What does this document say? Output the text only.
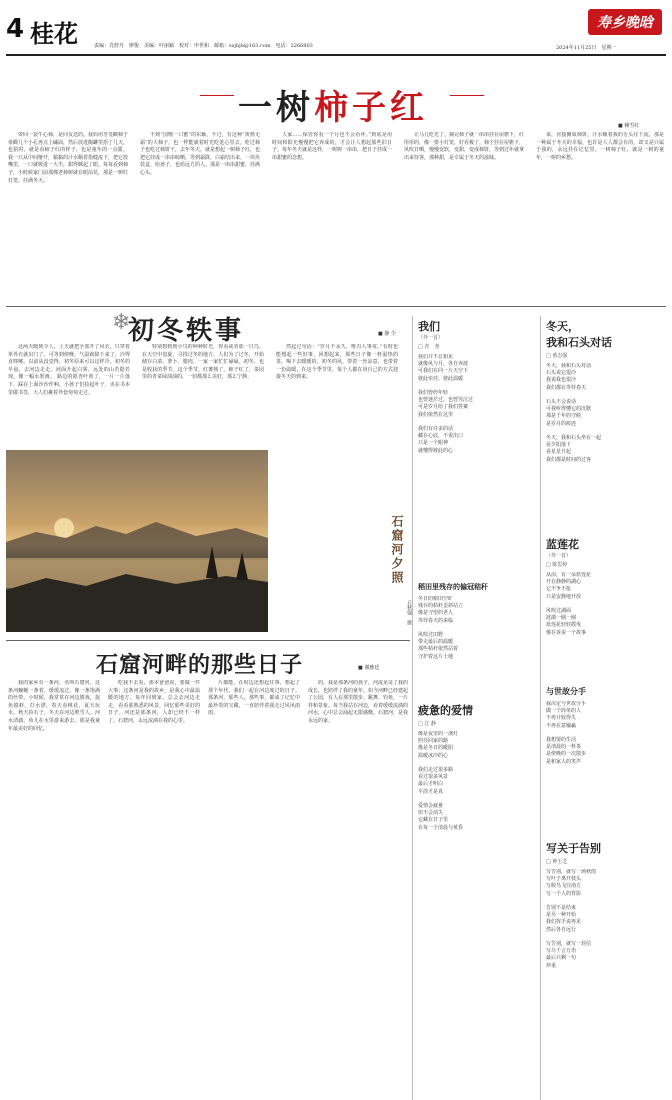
4 桂花	责编：肖舒丹　廖俊　美编：叶丽颖　校对：申世和　邮箱：sxjbjb@163.com　电话：2266803
寿乡晚晗
2024年11月25日　星期一
一树柿子红	■ 赖雪红

带回一袋牛心柿，是同友送的。我妈用牙签戳柿子蒂戳几个小孔再点上碱面，然后放进陶罐里捂了几天，也捂时，就是看柿子红的样子，也是童年的一点甜。 我一只从中间掰开，黏黏的汁水顺着指缝流下，把它放嘴里，一口就吸进一大半，甜得眯起了眼。每每看到柿子，小时候家门前那棵老柿树就在眼前晃，那是一树红灯笼，挂满冬天。

不到“国喀一口蜜”的东颖，不过，有这种“黄熟无霜”的大柿子，也一样能就着时光吃进心里去。吃过柿子也吃过柿饼干，去年冬天，就是想起一树柿子红，也把它挂成一串串晾晒，等到霜降，白霜结出来，一块块装盒，给孩子，也给远方的人。那是一串串甜蜜，挂满心头。

人家……保管你看一个月也不会看坏。”到底是用时间和阳光慢慢把它养成的，才会让人想起那些旧日子。每年冬天就是这样，一树树一串串，把日子挂成一串甜蜜的念想。

让马儿吃光了。摘完柿子就一串串挂在屋檐下，红彤彤的，像一排小灯笼，好看极了。柿子挂在屋檐下，风吹日晒，慢慢变软，变甜，变成柿饼，等到过年就拿出来待客，那种甜，是专属于冬天的滋味。

来，直接摊成柿饼，汁水顺着我的舌头往下流，那是一种属于冬天的幸福，也许是人人都会有的，却又是只属于我的，永远挂在记忆里。一树柿子红，就是一树的童年，一树的乡愁。

❄
初冬轶事	■ 静 尘

这两天暖到令人，上天就把全部开了风衣，只穿着单外衣就出门了。可等到傍晚，气温就降下来了，冷得直哆嗦。以前从没觉得，初冬原来可以这样冷。初冬的早晨，去河边走走，河面升起白雾，远处的山若隐若现，像一幅水墨画。 路边的银杏叶黄了，一片一片落下，踩在上面沙沙作响。小孩子们捡起叶子，夹在书本里做书签，大人们裹着外套匆匆走过。

特别想到到小鸟的种种时光，你看或者那一只鸟，在天空中盘旋，寻找过冬的地方。人们为了过冬，开始储存白菜、萝卜、腊肉，一家一家忙忙碌碌。初冬，也是收获的季节。这个季节，红薯熟了，柿子红了，菜园里的青菜绿油油的，一切都那么美好，那么宁静。

然起过句话：“岁月不永久，唯有人事常。”有时也能想起一些旧事，回想起来，那些日子像一杯温热的茶，喝下去暖暖的。初冬的风，带着一丝凉意，也带着一份温暖，在这个季节里，每个人都在用自己的方式迎接冬天的到来。

石窟河夕照
丘秋强　摄
石窟河畔的那些日子	■ 谢雅廷

我的家乡有一条河，名叫石窟河。这条河蜿蜒一条着，缓缓流过，像一条饱满的丝带。小时候，我常常在河边嬉戏，捉鱼摸虾，打水漂，春天看桃花，夏天玩水，秋天捡石子，冬天在河边堆雪人。河水清澈，鱼儿在水里游来游去，那是我童年最美好的回忆。

吃我不去看，那本爸爸说，要做一件大事；这条河是我的故乡，是我心中最温暖的地方。每年回到家，总会去河边走走，看看那熟悉的风景，回忆那些美好的日子。河还是那条河，人却已经不一样了。石窟河，永远流淌在我的心里。

片都能，在时边还想起往事，想起了那个年代，我们一起在河边度过的日子。那条河，那些人，那些事，都成了记忆中最珍贵的宝藏，一直陪伴着我走过风风雨雨。

的，我是那条河的孩子，河流见证了我的成长，也陪伴了我的童年。如今河畔已经建起了公园，有人在那里散步、跳舞、钓鱼，一片祥和景象。每当我站在河边，看着缓缓流淌的河水，心中总会涌起无限感慨。石窟河，是我永远的家。

我们
（外一首）
□ 青　尧
我们并不总相见
就像风与月，各自奔波
可我们在同一片天空下
彼此牵挂，彼此温暖

我们曾经年轻
也曾迷茫过，也曾哭泣过
可是岁月给了我们答案
我们依然在这里

我们有许多的话
藏在心底，不说出口
只是一个眼神
就懂得彼此的心
稻田里残存的偏冠秸秆
冬日的稻田空旷
残存的秸秆歪斜站立
像是守望的老人
等待春天的来临

风吹过田野
带走最后的温暖
那些秸秆依然站着
守护着这片土地
疲惫的爱情
□ 江 静
像是夜里的一盏灯
照亮回家的路
像是冬日的暖阳
温暖冰冷的心

我们走过很多路
看过很多风景
最后才明白
平淡才是真

爱情会疲惫
但不会消失
它藏在日子里
在每一个清晨与黄昏
冬天，
我和石头对话
□ 黄志强
冬天，我和石头对话
石头说它很冷
我说我也很冷
我们都在等待春天

石头不会说话
可我听得懂它的沉默
那是千年的守候
是岁月的痕迹

冬天，我和石头坐在一起
看夕阳落下
看星星升起
我们都是时间的过客
蓝莲花
（外一首）
□ 陈思婷
从前，有一朵蓝莲花
开在静静的湖心
它不争不抢
只是安静地开放

风吹过湖面
涟漪一圈一圈
蓝莲花轻轻摇曳
像在诉说一个故事
与世故分手
我决定与世故分手
做一个简单的人
不再计较得失
不再在意输赢

我想要的生活
是清晨的一杯茶
是傍晚的一次散步
是和家人的笑声
写关于告别
□ 钟玉芝
写告别，就写一场秋雨
写叶子离开枝头
写候鸟飞往南方
写一个人的背影

告别不是结束
是另一种开始
我们挥手说再见
然后各自远行

写告别，就写一封信
写尽千言万语
最后只剩一句
珍重
